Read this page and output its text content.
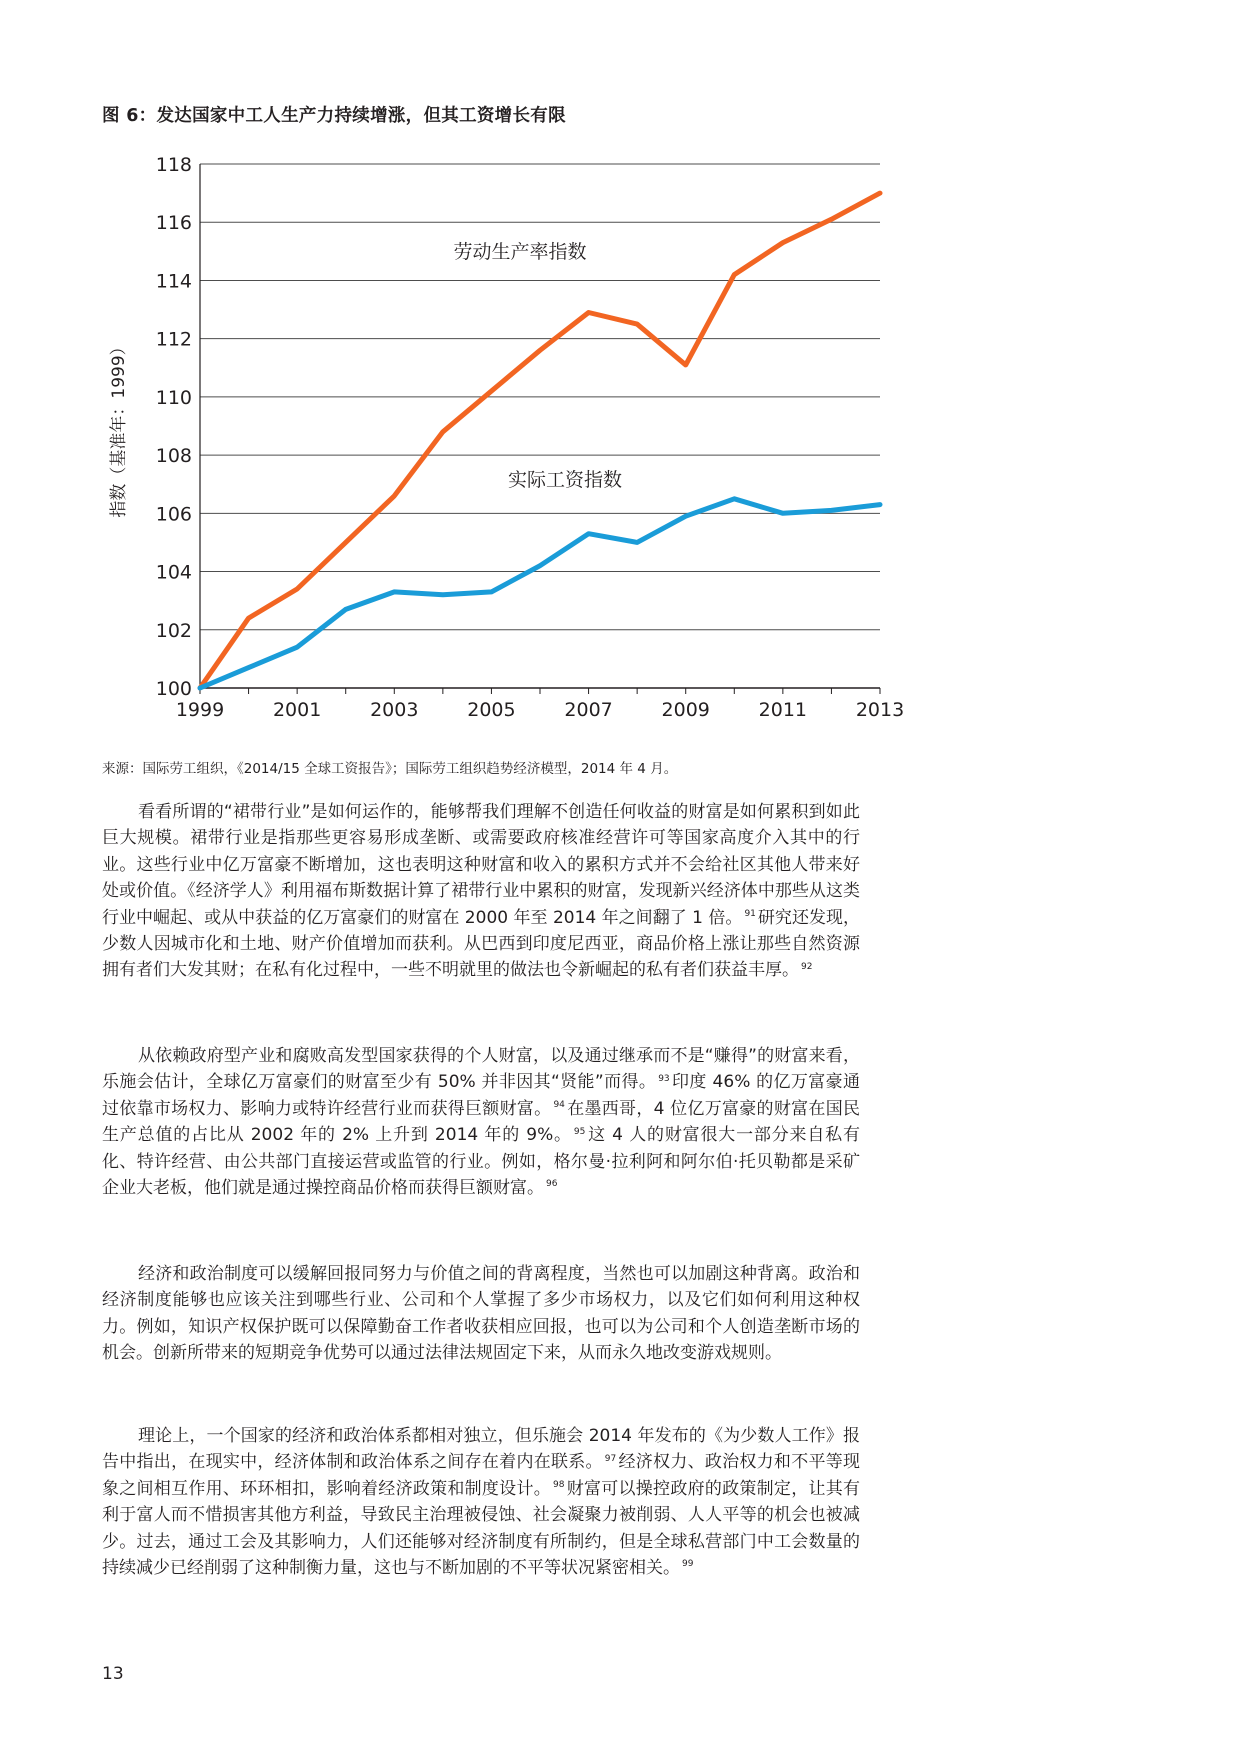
图 6：发达国家中工人生产力持续增涨，但其工资增长有限
100
102
104
106
108
110
112
114
116
118
1999	2001	2003	2005	2007	2009	2011	2013
指数（基准年：1999）
劳动生产率指数
实际工资指数

来源：国际劳工组织，《2014/15 全球工资报告》；国际劳工组织趋势经济模型，2014 年 4 月。

看看所谓的“裙带行业”是如何运作的，能够帮我们理解不创造任何收益的财富是如何累积到如此巨大规模。裙带行业是指那些更容易形成垄断、或需要政府核准经营许可等国家高度介入其中的行业。这些行业中亿万富豪不断增加，这也表明这种财富和收入的累积方式并不会给社区其他人带来好处或价值。《经济学人》利用福布斯数据计算了裙带行业中累积的财富，发现新兴经济体中那些从这类行业中崛起、或从中获益的亿万富豪们的财富在 2000 年至 2014 年之间翻了 1 倍。 $^{91}$ 研究还发现，少数人因城市化和土地、财产价值增加而获利。从巴西到印度尼西亚，商品价格上涨让那些自然资源拥有者们大发其财；在私有化过程中，一些不明就里的做法也令新崛起的私有者们获益丰厚。 $^{92}$

从依赖政府型产业和腐败高发型国家获得的个人财富，以及通过继承而不是“赚得”的财富来看，乐施会估计，全球亿万富豪们的财富至少有 50% 并非因其“贤能”而得。 $^{93}$ 印度 46% 的亿万富豪通过依靠市场权力、影响力或特许经营行业而获得巨额财富。 $^{94}$ 在墨西哥，4 位亿万富豪的财富在国民生产总值的占比从 2002 年的 2% 上升到 2014 年的 9%。 $^{95}$ 这 4 人的财富很大一部分来自私有化、特许经营、由公共部门直接运营或监管的行业。例如，格尔曼·拉利阿和阿尔伯·托贝勒都是采矿企业大老板，他们就是通过操控商品价格而获得巨额财富。 $^{96}$

经济和政治制度可以缓解回报同努力与价值之间的背离程度，当然也可以加剧这种背离。政治和经济制度能够也应该关注到哪些行业、公司和个人掌握了多少市场权力，以及它们如何利用这种权力。例如，知识产权保护既可以保障勤奋工作者收获相应回报，也可以为公司和个人创造垄断市场的机会。创新所带来的短期竞争优势可以通过法律法规固定下来，从而永久地改变游戏规则。

理论上，一个国家的经济和政治体系都相对独立，但乐施会 2014 年发布的《为少数人工作》报告中指出，在现实中，经济体制和政治体系之间存在着内在联系。 $^{97}$ 经济权力、政治权力和不平等现象之间相互作用、环环相扣，影响着经济政策和制度设计。 $^{98}$ 财富可以操控政府的政策制定，让其有利于富人而不惜损害其他方利益，导致民主治理被侵蚀、社会凝聚力被削弱、人人平等的机会也被减少。过去，通过工会及其影响力，人们还能够对经济制度有所制约，但是全球私营部门中工会数量的持续减少已经削弱了这种制衡力量，这也与不断加剧的不平等状况紧密相关。 $^{99}$

13
